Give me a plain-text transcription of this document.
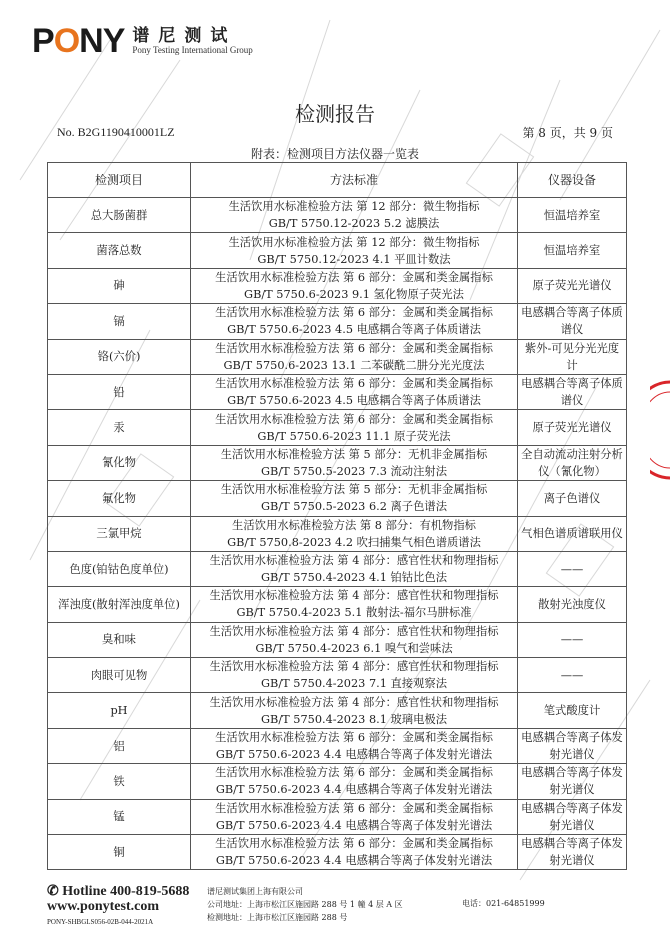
PONY 谱尼测试
Pony Testing International Group
检测报告
No. B2G1190410001LZ	第 8 页，共 9 页
附表：检测项目方法仪器一览表
检测项目	方法标准	仪器设备
总大肠菌群	生活饮用水标准检验方法 第 12 部分：微生物指标
GB/T 5750.12-2023 5.2 滤膜法	恒温培养室
菌落总数	生活饮用水标准检验方法 第 12 部分：微生物指标
GB/T 5750.12-2023 4.1 平皿计数法	恒温培养室
砷	生活饮用水标准检验方法 第 6 部分：金属和类金属指标
GB/T 5750.6-2023 9.1 氢化物原子荧光法	原子荧光光谱仪
镉	生活饮用水标准检验方法 第 6 部分：金属和类金属指标
GB/T 5750.6-2023 4.5 电感耦合等离子体质谱法	电感耦合等离子体质谱仪
铬(六价)	生活饮用水标准检验方法 第 6 部分：金属和类金属指标
GB/T 5750.6-2023 13.1 二苯碳酰二肼分光光度法	紫外-可见分光光度计
铅	生活饮用水标准检验方法 第 6 部分：金属和类金属指标
GB/T 5750.6-2023 4.5 电感耦合等离子体质谱法	电感耦合等离子体质谱仪
汞	生活饮用水标准检验方法 第 6 部分：金属和类金属指标
GB/T 5750.6-2023 11.1 原子荧光法	原子荧光光谱仪
氰化物	生活饮用水标准检验方法 第 5 部分：无机非金属指标
GB/T 5750.5-2023 7.3 流动注射法	全自动流动注射分析仪（氰化物）
氟化物	生活饮用水标准检验方法 第 5 部分：无机非金属指标
GB/T 5750.5-2023 6.2 离子色谱法	离子色谱仪
三氯甲烷	生活饮用水标准检验方法 第 8 部分：有机物指标
GB/T 5750.8-2023 4.2 吹扫捕集气相色谱质谱法	气相色谱质谱联用仪
色度(铂钴色度单位)	生活饮用水标准检验方法 第 4 部分：感官性状和物理指标
GB/T 5750.4-2023 4.1 铂钴比色法	——
浑浊度(散射浑浊度单位)	生活饮用水标准检验方法 第 4 部分：感官性状和物理指标
GB/T 5750.4-2023 5.1 散射法-福尔马肼标准	散射光浊度仪
臭和味	生活饮用水标准检验方法 第 4 部分：感官性状和物理指标
GB/T 5750.4-2023 6.1 嗅气和尝味法	——
肉眼可见物	生活饮用水标准检验方法 第 4 部分：感官性状和物理指标
GB/T 5750.4-2023 7.1 直接观察法	——
pH	生活饮用水标准检验方法 第 4 部分：感官性状和物理指标
GB/T 5750.4-2023 8.1 玻璃电极法	笔式酸度计
铝	生活饮用水标准检验方法 第 6 部分：金属和类金属指标
GB/T 5750.6-2023 4.4 电感耦合等离子体发射光谱法	电感耦合等离子体发射光谱仪
铁	生活饮用水标准检验方法 第 6 部分：金属和类金属指标
GB/T 5750.6-2023 4.4 电感耦合等离子体发射光谱法	电感耦合等离子体发射光谱仪
锰	生活饮用水标准检验方法 第 6 部分：金属和类金属指标
GB/T 5750.6-2023 4.4 电感耦合等离子体发射光谱法	电感耦合等离子体发射光谱仪
铜	生活饮用水标准检验方法 第 6 部分：金属和类金属指标
GB/T 5750.6-2023 4.4 电感耦合等离子体发射光谱法	电感耦合等离子体发射光谱仪
✆ Hotline 400-819-5688
www.ponytest.com
PONY-SHBGLS056-02B-044-2021A
谱尼测试集团上海有限公司
公司地址：上海市松江区施园路 288 号 1 幢 4 层 A 区
检测地址：上海市松江区施园路 288 号
电话：021-64851999
